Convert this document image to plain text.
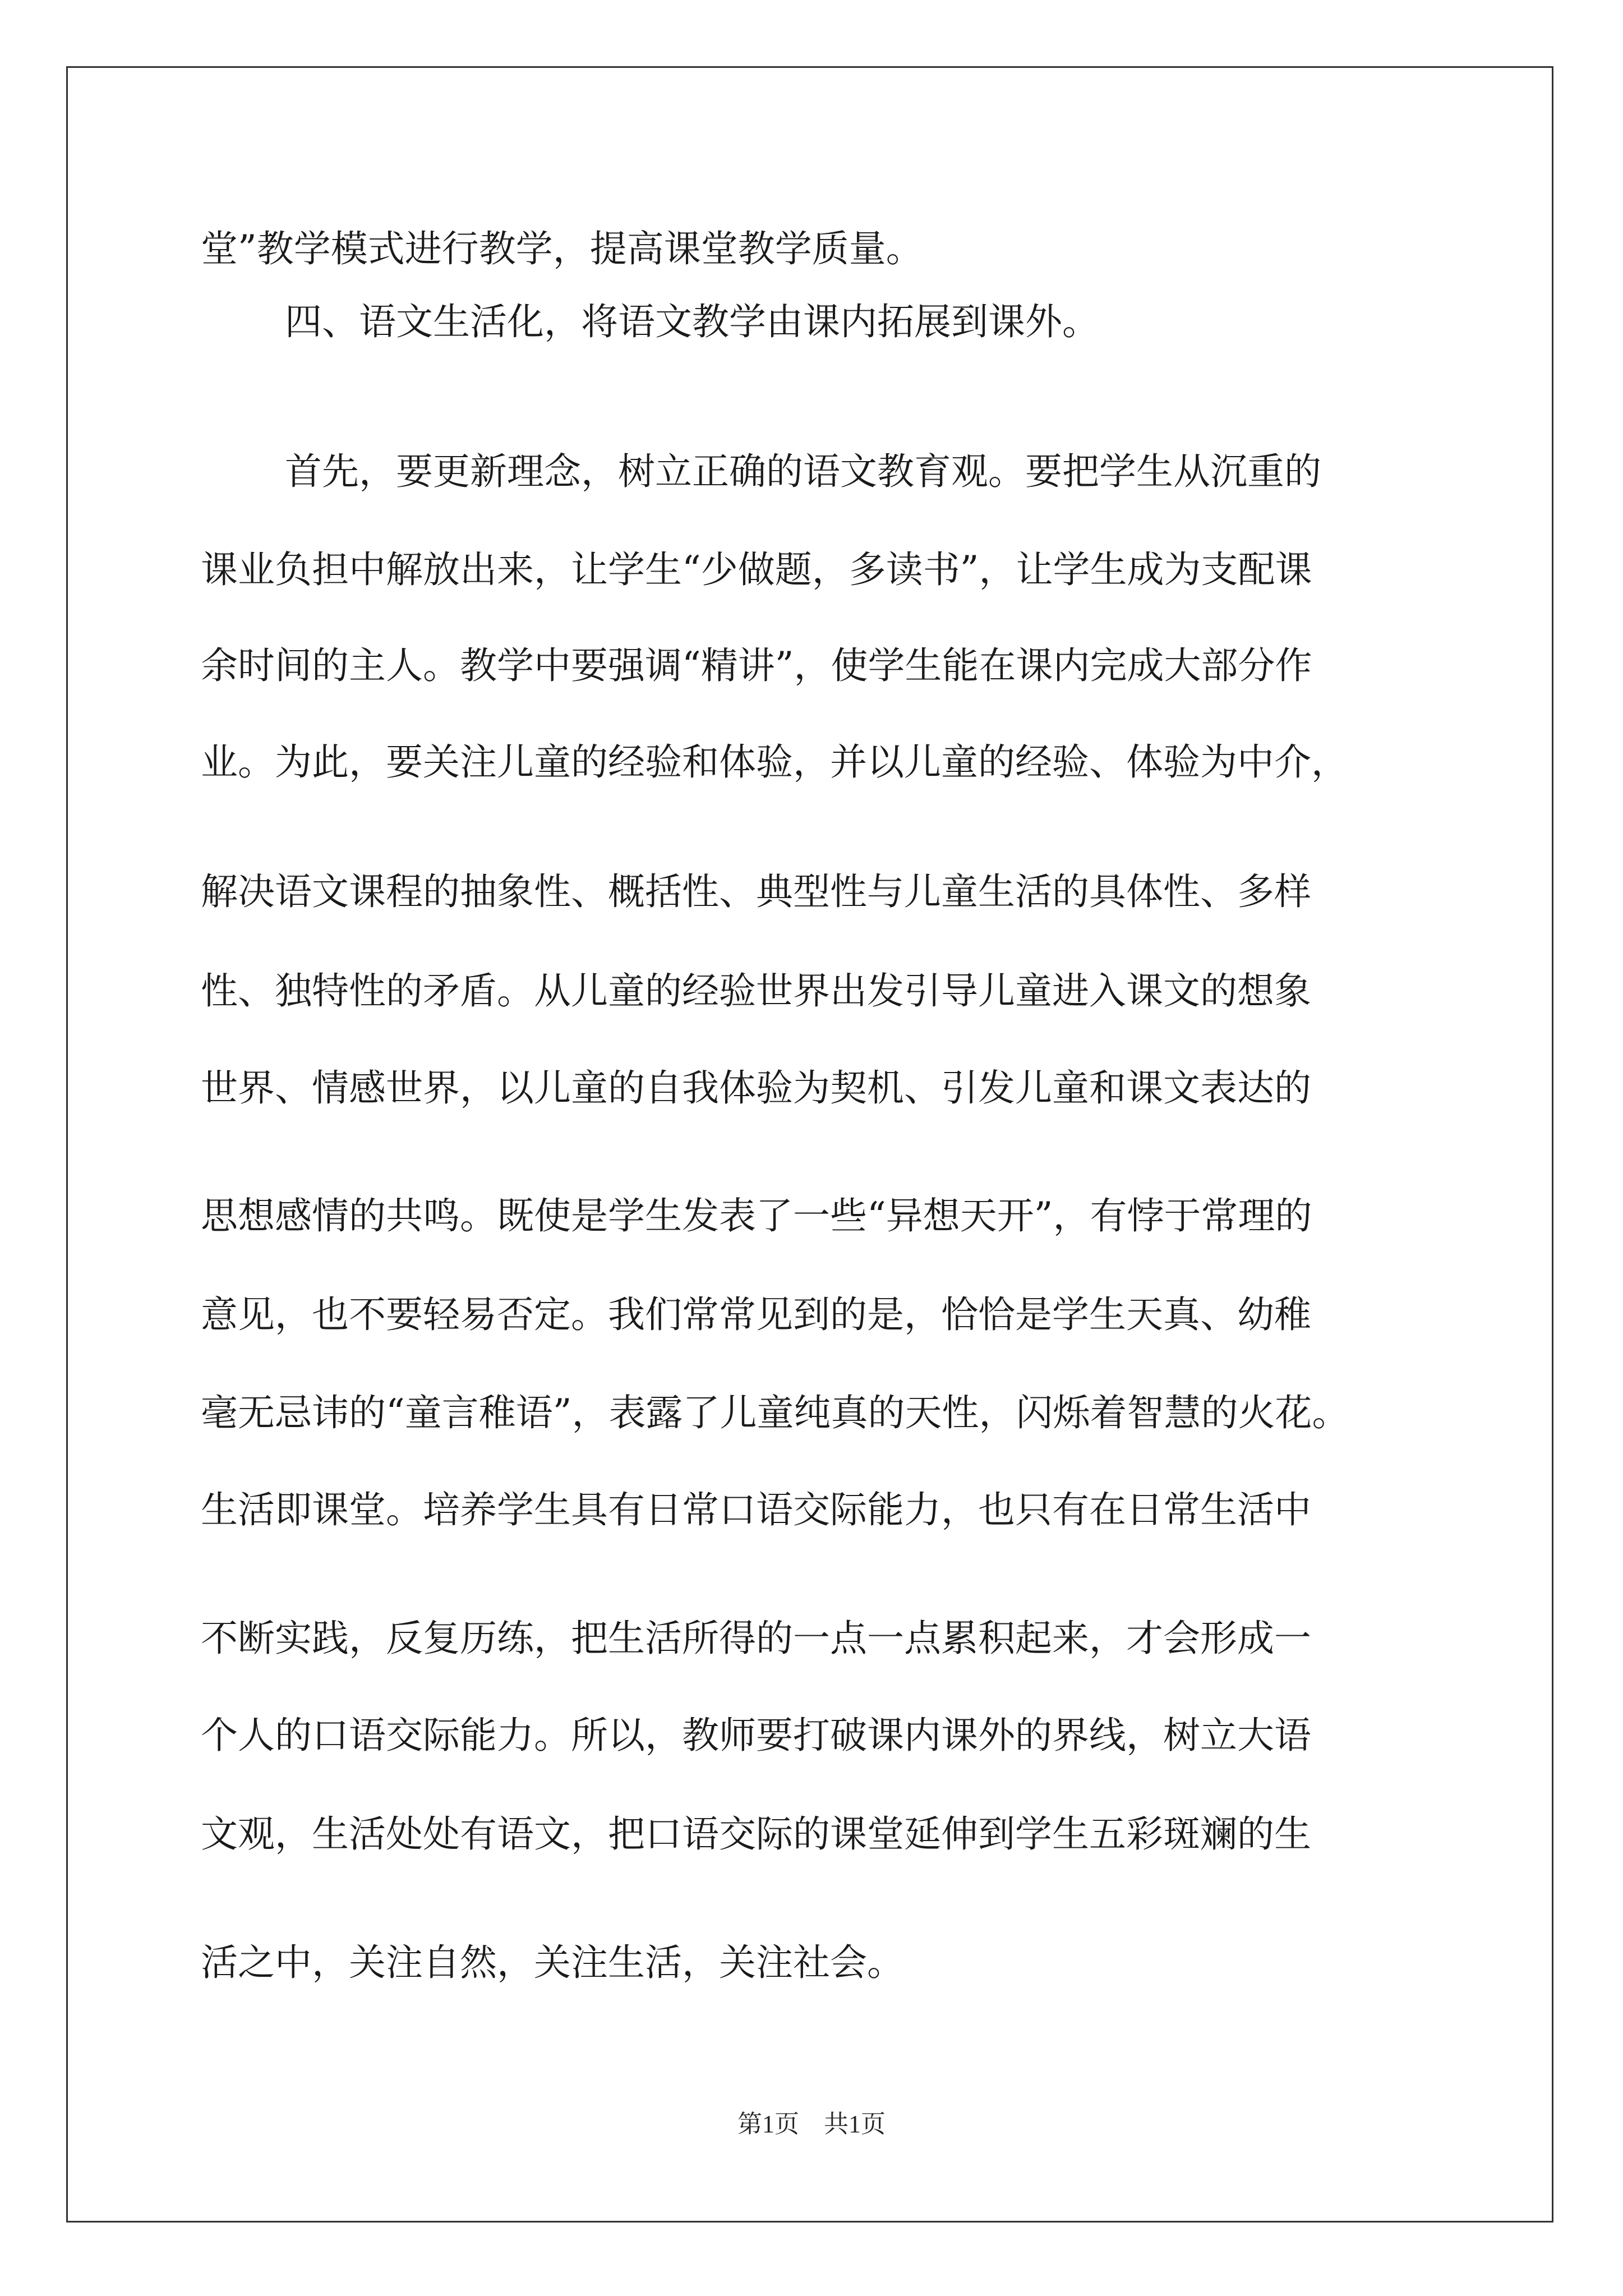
堂”教学模式进行教学，提高课堂教学质量。
四、语文生活化，将语文教学由课内拓展到课外。
首先，要更新理念，树立正确的语文教育观。要把学生从沉重的
课业负担中解放出来，让学生“少做题，多读书”，让学生成为支配课
余时间的主人。教学中要强调“精讲”，使学生能在课内完成大部分作
业。为此，要关注儿童的经验和体验，并以儿童的经验、体验为中介，
解决语文课程的抽象性、概括性、典型性与儿童生活的具体性、多样
性、独特性的矛盾。从儿童的经验世界出发引导儿童进入课文的想象
世界、情感世界，以儿童的自我体验为契机、引发儿童和课文表达的
思想感情的共鸣。既使是学生发表了一些“异想天开”，有悖于常理的
意见，也不要轻易否定。我们常常见到的是，恰恰是学生天真、幼稚
毫无忌讳的“童言稚语”，表露了儿童纯真的天性，闪烁着智慧的火花。
生活即课堂。培养学生具有日常口语交际能力，也只有在日常生活中
不断实践，反复历练，把生活所得的一点一点累积起来，才会形成一
个人的口语交际能力。所以，教师要打破课内课外的界线，树立大语
文观，生活处处有语文，把口语交际的课堂延伸到学生五彩斑斓的生
活之中，关注自然，关注生活，关注社会。
第1页　共1页
